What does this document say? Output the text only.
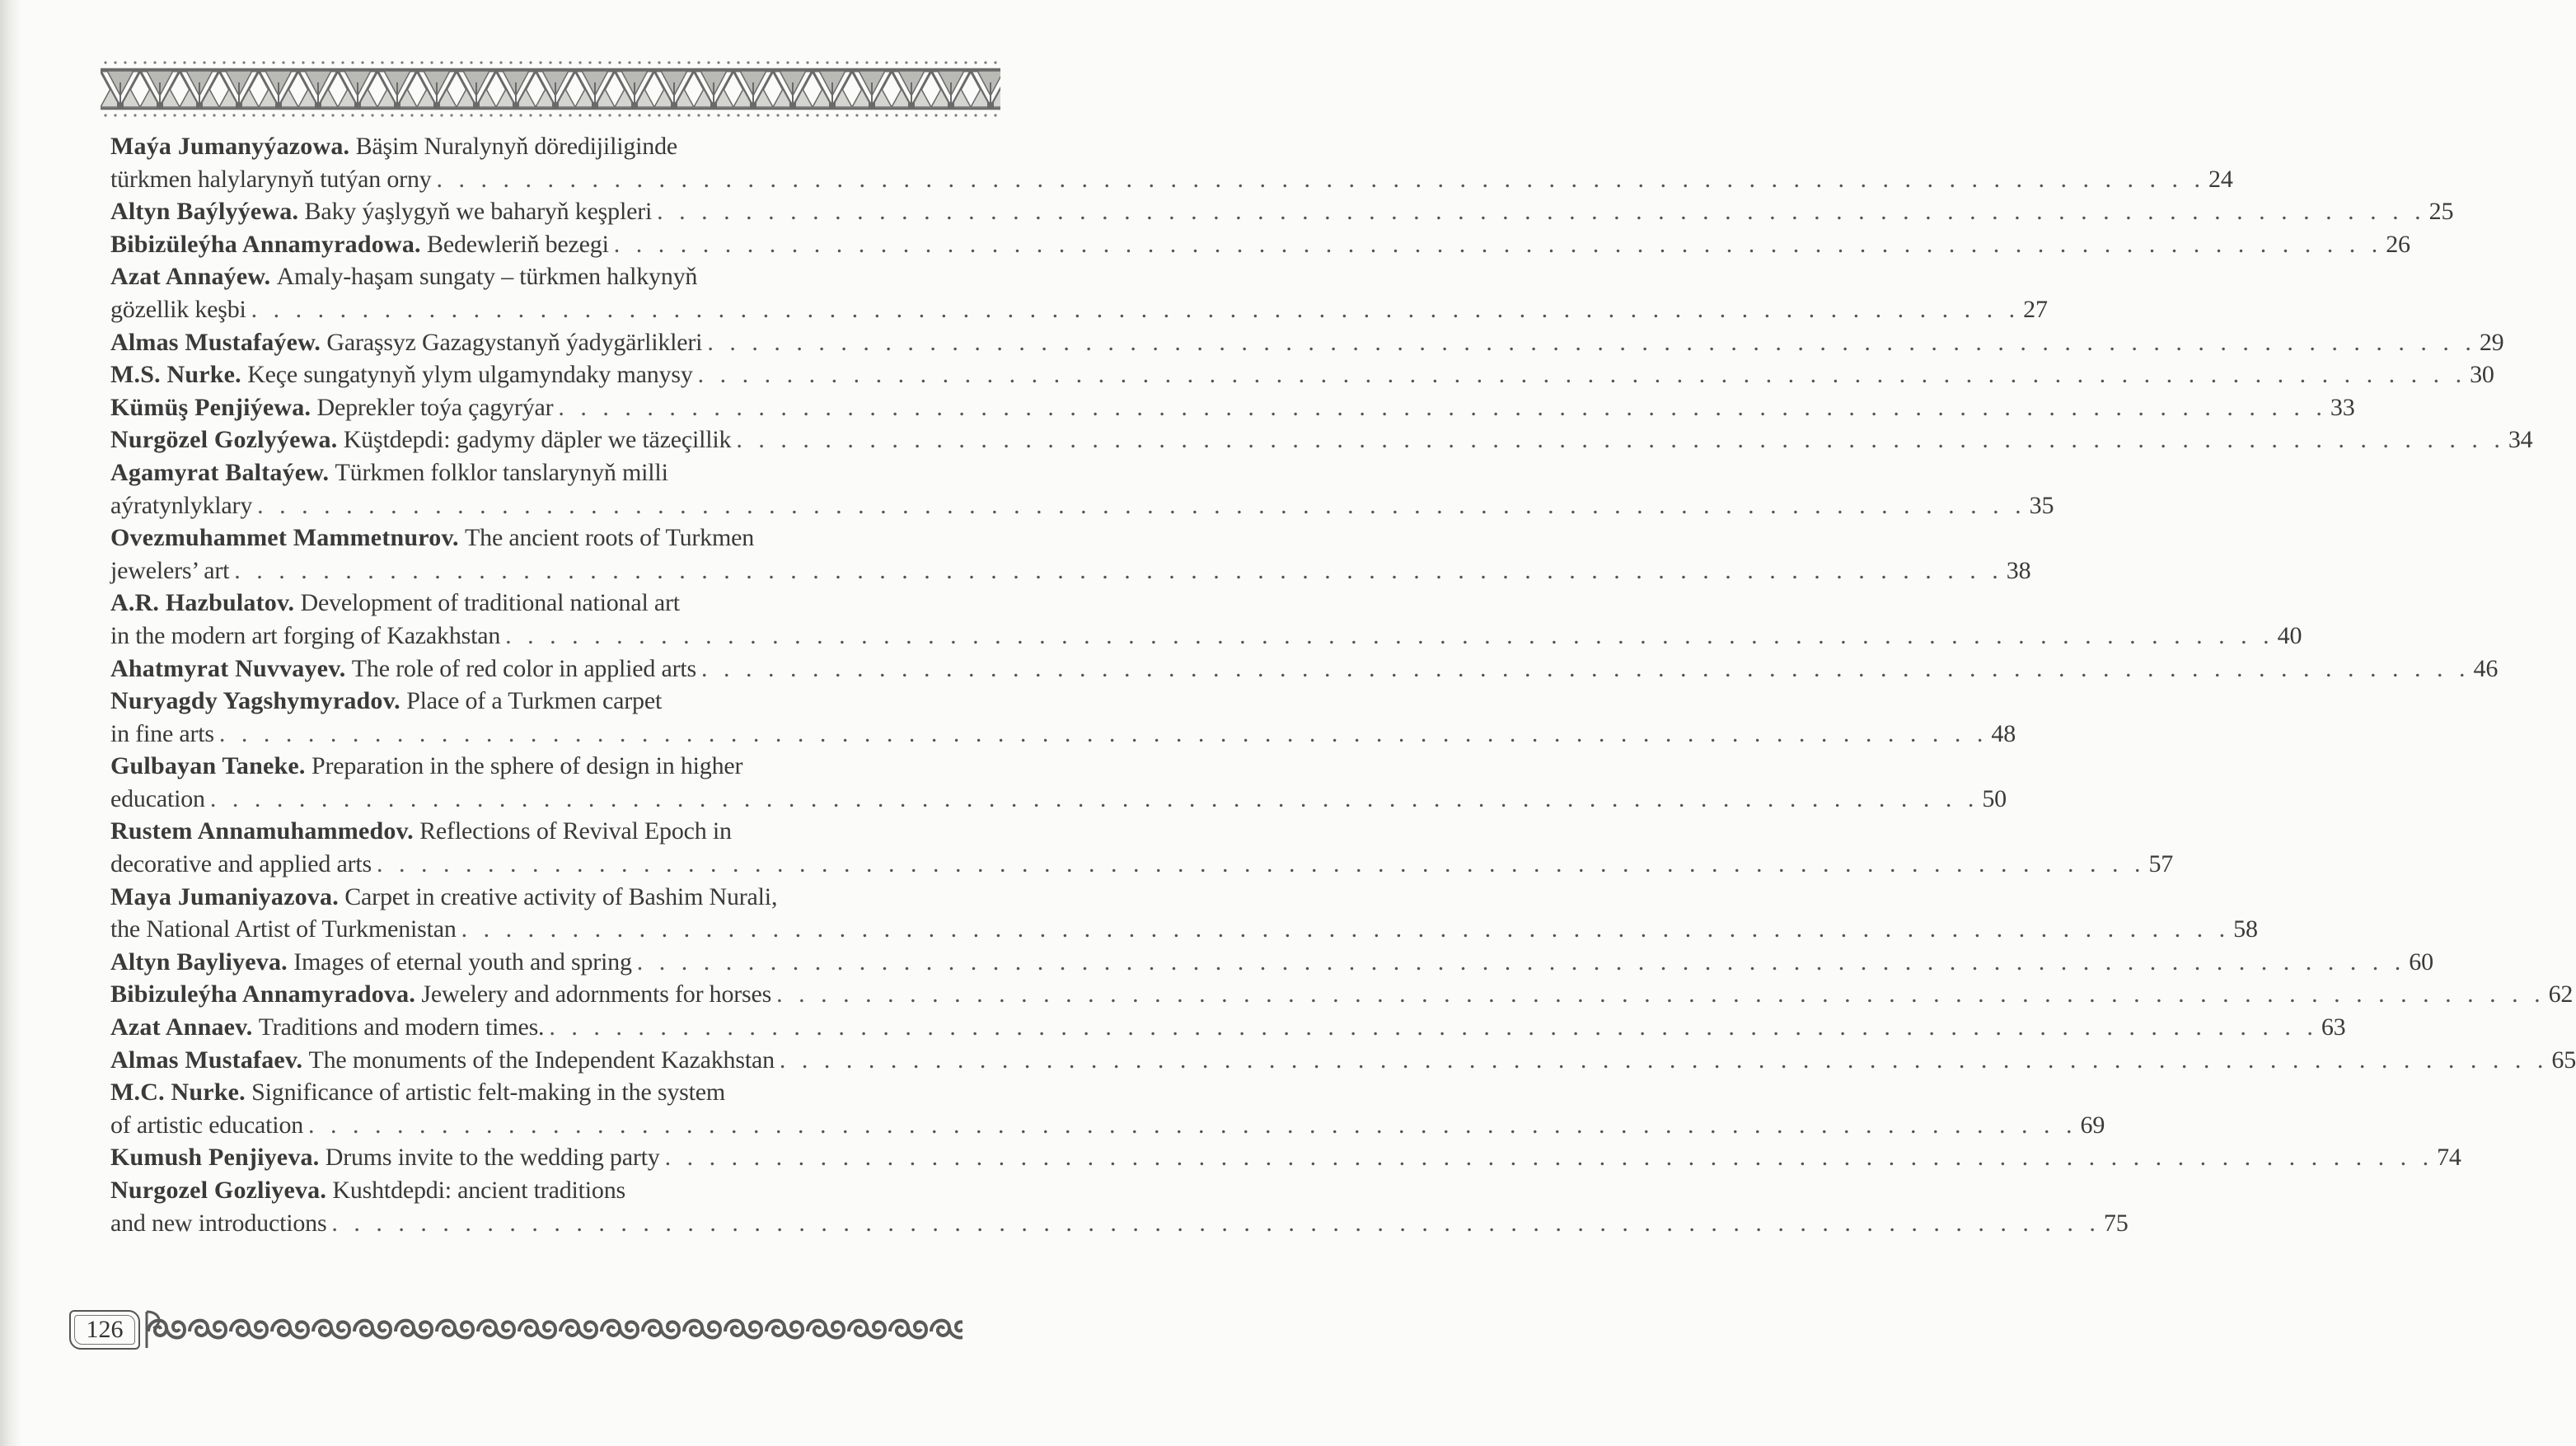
Maýa Jumanyýazowa.
Bäşim Nuralynyň döredijiliginde
türkmen halylarynyň tutýan orny . . . . . . . . . . . . . . . . . . . . . . . . . . . . . . . . . . . . . . . . . . . . . . . . . . . . . . . . . . . . . . . . . . . . . . . . . . . . . . . . 24
Altyn Baýlyýewa.
Baky ýaşlygyň we baharyň keşpleri . . . . . . . . . . . . . . . . . . . . . . . . . . . . . . . . . . . . . . . . . . . . . . . . . . . . . . . . . . . . . . . . . . . . . . . . . . . . . . . . 25
Bibizüleýha Annamyradowa.
Bedewleriň bezegi . . . . . . . . . . . . . . . . . . . . . . . . . . . . . . . . . . . . . . . . . . . . . . . . . . . . . . . . . . . . . . . . . . . . . . . . . . . . . . . . 26
Azat Annaýew.
Amaly-haşam sungaty – türkmen halkynyň
gözellik keşbi . . . . . . . . . . . . . . . . . . . . . . . . . . . . . . . . . . . . . . . . . . . . . . . . . . . . . . . . . . . . . . . . . . . . . . . . . . . . . . . . 27
Almas Mustafaýew.
Garaşsyz Gazagystanyň ýadygärlikleri . . . . . . . . . . . . . . . . . . . . . . . . . . . . . . . . . . . . . . . . . . . . . . . . . . . . . . . . . . . . . . . . . . . . . . . . . . . . . . . . 29
M.S. Nurke.
Keçe sungatynyň ylym ulgamyndaky manysy . . . . . . . . . . . . . . . . . . . . . . . . . . . . . . . . . . . . . . . . . . . . . . . . . . . . . . . . . . . . . . . . . . . . . . . . . . . . . . . . 30
Kümüş Penjiýewa.
Deprekler toýa çagyrýar . . . . . . . . . . . . . . . . . . . . . . . . . . . . . . . . . . . . . . . . . . . . . . . . . . . . . . . . . . . . . . . . . . . . . . . . . . . . . . . . 33
Nurgözel Gozlyýewa.
Küştdepdi: gadymy däpler we täzeçillik . . . . . . . . . . . . . . . . . . . . . . . . . . . . . . . . . . . . . . . . . . . . . . . . . . . . . . . . . . . . . . . . . . . . . . . . . . . . . . . . 34
Agamyrat Baltaýew.
Türkmen folklor tanslarynyň milli
aýratynlyklary . . . . . . . . . . . . . . . . . . . . . . . . . . . . . . . . . . . . . . . . . . . . . . . . . . . . . . . . . . . . . . . . . . . . . . . . . . . . . . . . 35
Ovezmuhammet Mammetnurov.
The ancient roots of Turkmen
jewelers’ art . . . . . . . . . . . . . . . . . . . . . . . . . . . . . . . . . . . . . . . . . . . . . . . . . . . . . . . . . . . . . . . . . . . . . . . . . . . . . . . . 38
A.R. Hazbulatov.
Development of traditional national art
in the modern art forging of Kazakhstan . . . . . . . . . . . . . . . . . . . . . . . . . . . . . . . . . . . . . . . . . . . . . . . . . . . . . . . . . . . . . . . . . . . . . . . . . . . . . . . . 40
Ahatmyrat Nuvvayev.
The role of red color in applied arts . . . . . . . . . . . . . . . . . . . . . . . . . . . . . . . . . . . . . . . . . . . . . . . . . . . . . . . . . . . . . . . . . . . . . . . . . . . . . . . . 46
Nuryagdy Yagshymyradov.
Place of a Turkmen carpet
in fine arts . . . . . . . . . . . . . . . . . . . . . . . . . . . . . . . . . . . . . . . . . . . . . . . . . . . . . . . . . . . . . . . . . . . . . . . . . . . . . . . . 48
Gulbayan Taneke.
Preparation in the sphere of design in higher
education . . . . . . . . . . . . . . . . . . . . . . . . . . . . . . . . . . . . . . . . . . . . . . . . . . . . . . . . . . . . . . . . . . . . . . . . . . . . . . . . 50
Rustem Annamuhammedov.
Reflections of Revival Epoch in
decorative and applied arts . . . . . . . . . . . . . . . . . . . . . . . . . . . . . . . . . . . . . . . . . . . . . . . . . . . . . . . . . . . . . . . . . . . . . . . . . . . . . . . . 57
Maya Jumaniyazova.
Carpet in creative activity of Bashim Nurali,
the National Artist of Turkmenistan . . . . . . . . . . . . . . . . . . . . . . . . . . . . . . . . . . . . . . . . . . . . . . . . . . . . . . . . . . . . . . . . . . . . . . . . . . . . . . . . 58
Altyn Bayliyeva.
Images of eternal youth and spring . . . . . . . . . . . . . . . . . . . . . . . . . . . . . . . . . . . . . . . . . . . . . . . . . . . . . . . . . . . . . . . . . . . . . . . . . . . . . . . . 60
Bibizuleýha Annamyradova.
Jewelery and adornments for horses . . . . . . . . . . . . . . . . . . . . . . . . . . . . . . . . . . . . . . . . . . . . . . . . . . . . . . . . . . . . . . . . . . . . . . . . . . . . . . . . 62
Azat Annaev.
Traditions and modern times. . . . . . . . . . . . . . . . . . . . . . . . . . . . . . . . . . . . . . . . . . . . . . . . . . . . . . . . . . . . . . . . . . . . . . . . . . . . . . . . . 63
Almas Mustafaev.
The monuments of the Independent Kazakhstan . . . . . . . . . . . . . . . . . . . . . . . . . . . . . . . . . . . . . . . . . . . . . . . . . . . . . . . . . . . . . . . . . . . . . . . . . . . . . . . . 65
M.C. Nurke.
Significance of artistic felt-making in the system
of artistic education . . . . . . . . . . . . . . . . . . . . . . . . . . . . . . . . . . . . . . . . . . . . . . . . . . . . . . . . . . . . . . . . . . . . . . . . . . . . . . . . 69
Kumush Penjiyeva.
Drums invite to the wedding party . . . . . . . . . . . . . . . . . . . . . . . . . . . . . . . . . . . . . . . . . . . . . . . . . . . . . . . . . . . . . . . . . . . . . . . . . . . . . . . . 74
Nurgozel Gozliyeva.
Kushtdepdi: ancient traditions
and new introductions . . . . . . . . . . . . . . . . . . . . . . . . . . . . . . . . . . . . . . . . . . . . . . . . . . . . . . . . . . . . . . . . . . . . . . . . . . . . . . . . 75
126
